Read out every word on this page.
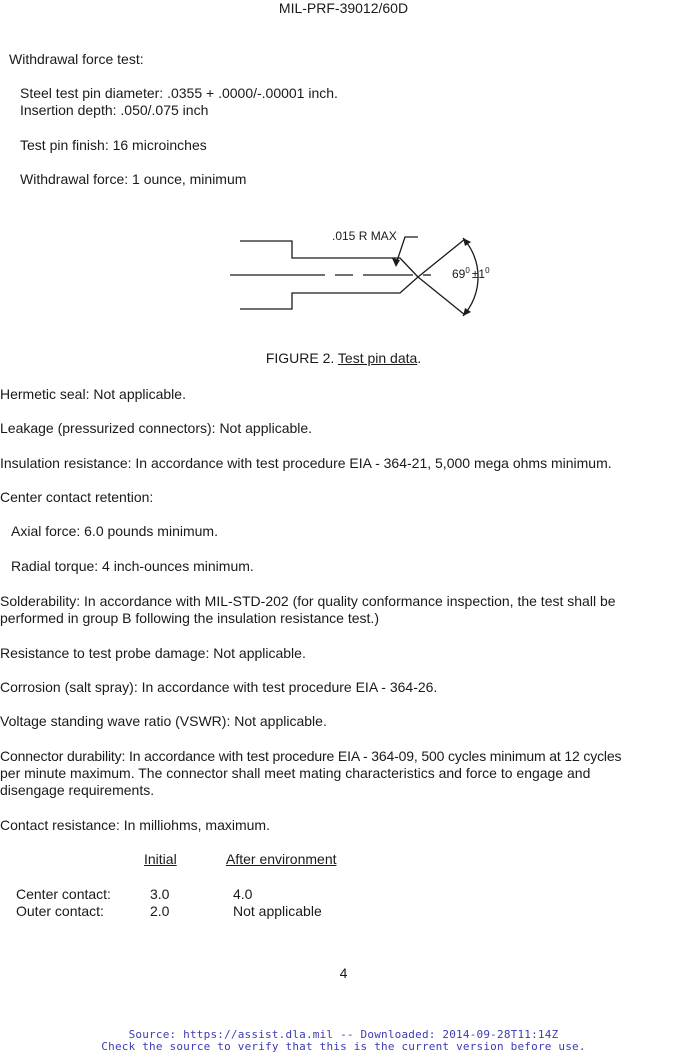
MIL-PRF-39012/60D
Withdrawal force test:
Steel test pin diameter: .0355 + .0000/-.00001 inch.
Insertion depth: .050/.075 inch
Test pin finish: 16 microinches
Withdrawal force: 1 ounce, minimum
.015 R MAX
$69^0 \pm 1^0$
FIGURE 2. Test pin data.
Hermetic seal: Not applicable.
Leakage (pressurized connectors): Not applicable.
Insulation resistance: In accordance with test procedure EIA - 364-21, 5,000 mega ohms minimum.
Center contact retention:
Axial force: 6.0 pounds minimum.
Radial torque: 4 inch-ounces minimum.
Solderability: In accordance with MIL-STD-202 (for quality conformance inspection, the test shall be
performed in group B following the insulation resistance test.)
Resistance to test probe damage: Not applicable.
Corrosion (salt spray): In accordance with test procedure EIA - 364-26.
Voltage standing wave ratio (VSWR): Not applicable.
Connector durability: In accordance with test procedure EIA - 364-09, 500 cycles minimum at 12 cycles
per minute maximum. The connector shall meet mating characteristics and force to engage and
disengage requirements.
Contact resistance: In milliohms, maximum.
Initial	After environment
Center contact:	3.0	4.0
Outer contact:	2.0	Not applicable
4
Source: https://assist.dla.mil -- Downloaded: 2014-09-28T11:14Z
Check the source to verify that this is the current version before use.
